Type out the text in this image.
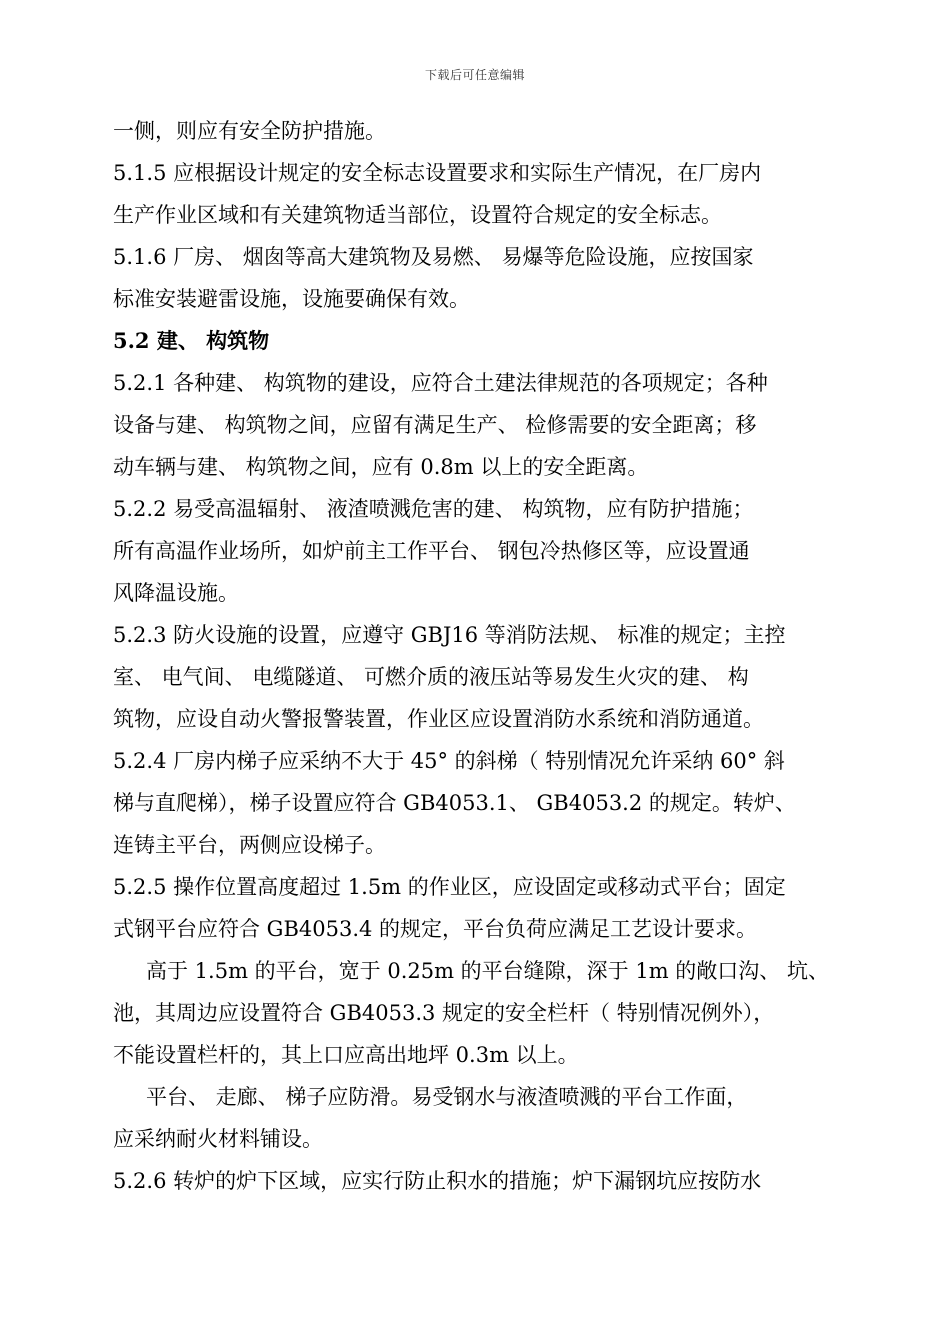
下载后可任意编辑
一侧，则应有安全防护措施。
5.1.5 应根据设计规定的安全标志设置要求和实际生产情况，在厂房内
生产作业区域和有关建筑物适当部位，设置符合规定的安全标志。
5.1.6 厂房、 烟囱等高大建筑物及易燃、 易爆等危险设施，应按国家
标准安装避雷设施，设施要确保有效。
5.2 建、 构筑物
5.2.1 各种建、 构筑物的建设，应符合土建法律规范的各项规定；各种
设备与建、 构筑物之间，应留有满足生产、 检修需要的安全距离；移
动车辆与建、 构筑物之间，应有 0.8m 以上的安全距离。
5.2.2 易受高温辐射、 液渣喷溅危害的建、 构筑物，应有防护措施；
所有高温作业场所，如炉前主工作平台、 钢包冷热修区等，应设置通
风降温设施。
5.2.3 防火设施的设置，应遵守 GBJ16 等消防法规、 标准的规定；主控
室、 电气间、 电缆隧道、 可燃介质的液压站等易发生火灾的建、 构
筑物，应设自动火警报警装置，作业区应设置消防水系统和消防通道。
5.2.4 厂房内梯子应采纳不大于 45° 的斜梯（ 特别情况允许采纳 60° 斜
梯与直爬梯），梯子设置应符合 GB4053.1、 GB4053.2 的规定。转炉、
连铸主平台，两侧应设梯子。
5.2.5 操作位置高度超过 1.5m 的作业区，应设固定或移动式平台；固定
式钢平台应符合 GB4053.4 的规定，平台负荷应满足工艺设计要求。
高于 1.5m 的平台，宽于 0.25m 的平台缝隙，深于 1m 的敞口沟、 坑、
池，其周边应设置符合 GB4053.3 规定的安全栏杆（ 特别情况例外），
不能设置栏杆的，其上口应高出地坪 0.3m 以上。
平台、 走廊、 梯子应防滑。易受钢水与液渣喷溅的平台工作面，
应采纳耐火材料铺设。
5.2.6 转炉的炉下区域，应实行防止积水的措施；炉下漏钢坑应按防水
